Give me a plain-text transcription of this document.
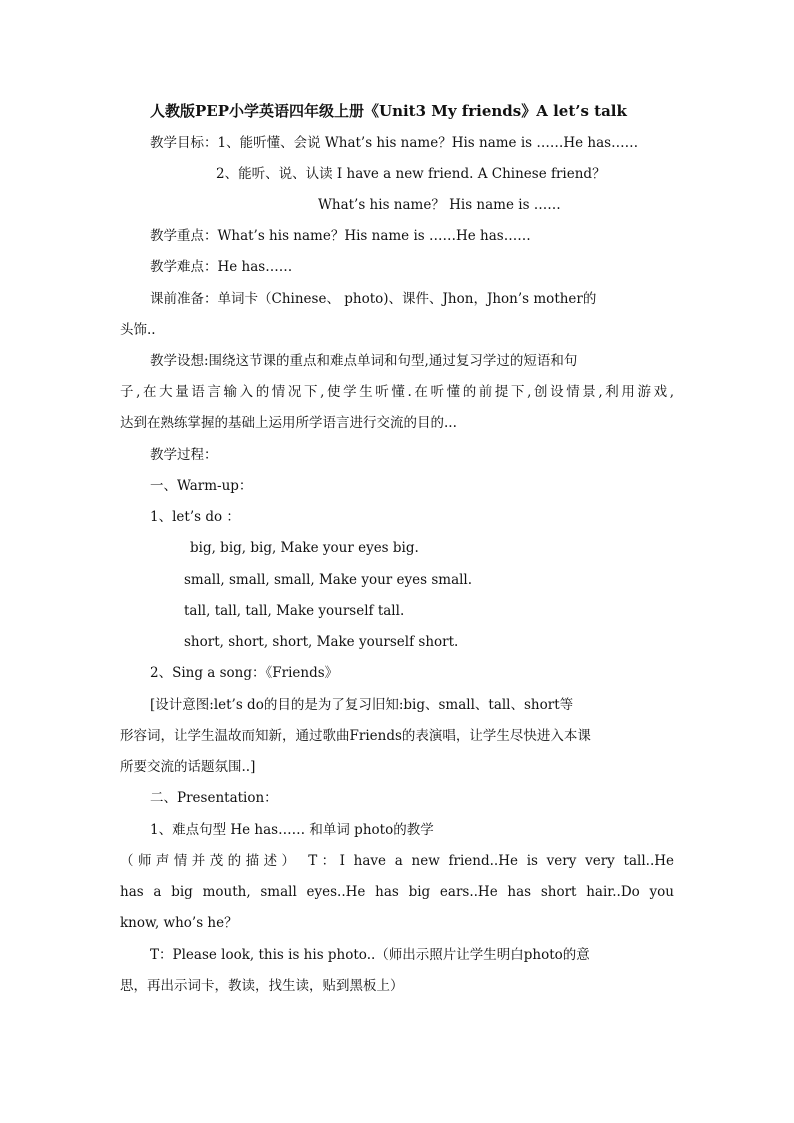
人教版PEP小学英语四年级上册《Unit3 My friends》A let’s talk
教学目标：1、能听懂、会说 What’s his name？His name is ……He has……
2、能听、说、认读 I have a new friend. A Chinese friend？
What’s his name？ His name is ……
教学重点：What’s his name？His name is ……He has……
教学难点：He has……
课前准备：单词卡（Chinese、 photo)、课件、Jhon，Jhon’s mother的
头饰..
教学设想:围绕这节课的重点和难点单词和句型,通过复习学过的短语和句
子,在大量语言输入的情况下,使学生听懂.在听懂的前提下,创设情景,利用游戏,
达到在熟练掌握的基础上运用所学语言进行交流的目的...
教学过程：
一、Warm-up：
1、let’s do ：
big, big, big, Make your eyes big.
small, small, small, Make your eyes small.
tall, tall, tall, Make yourself tall.
short, short, short, Make yourself short.
2、Sing a song：《Friends》
[设计意图:let’s do的目的是为了复习旧知:big、small、tall、short等
形容词，让学生温故而知新，通过歌曲Friends的表演唱，让学生尽快进入本课
所要交流的话题氛围..]
二、Presentation：
1、难点句型 He has…… 和单词 photo的教学
（师声情并茂的描述） T：I have a new friend..He is very very tall..He
has a big mouth, small eyes..He has big ears..He has short hair..Do you
know, who’s he？
T：Please look, this is his photo..（师出示照片让学生明白photo的意
思，再出示词卡，教读，找生读，贴到黑板上）
